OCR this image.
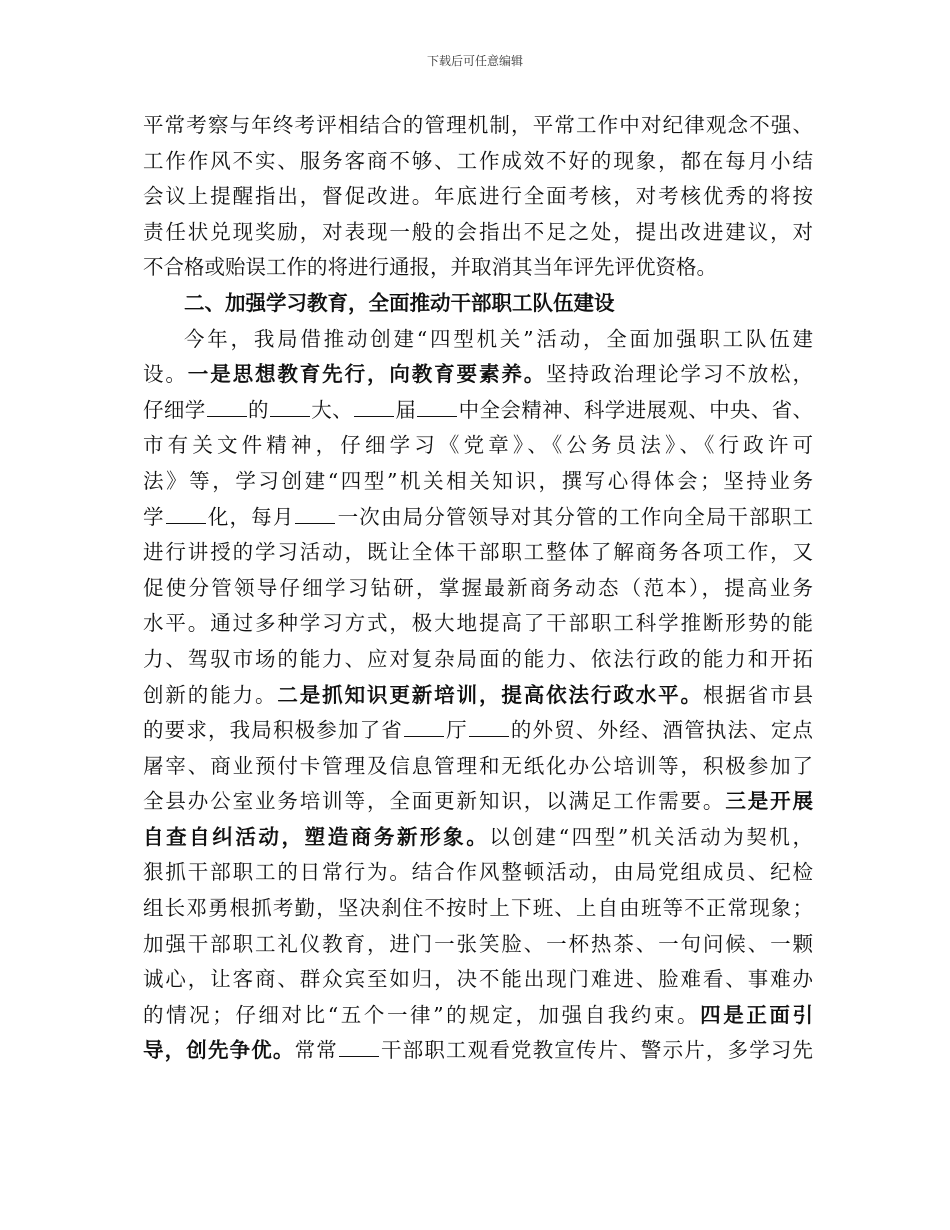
下载后可任意编辑
平常考察与年终考评相结合的管理机制，平常工作中对纪律观念不强、
工作作风不实、服务客商不够、工作成效不好的现象，都在每月小结
会议上提醒指出，督促改进。年底进行全面考核，对考核优秀的将按
责任状兑现奖励，对表现一般的会指出不足之处，提出改进建议，对
不合格或贻误工作的将进行通报，并取消其当年评先评优资格。
二、加强学习教育，全面推动干部职工队伍建设
今年，我局借推动创建“四型机关”活动，全面加强职工队伍建
设。一是思想教育先行，向教育要素养。坚持政治理论学习不放松，
仔细学 的 大、 届 中全会精神、科学进展观、中央、省、
市有关文件精神，仔细学习《党章》、《公务员法》、《行政许可
法》等，学习创建“四型”机关相关知识，撰写心得体会；坚持业务
学 化，每月 一次由局分管领导对其分管的工作向全局干部职工
进行讲授的学习活动，既让全体干部职工整体了解商务各项工作，又
促使分管领导仔细学习钻研，掌握最新商务动态（范本），提高业务
水平。通过多种学习方式，极大地提高了干部职工科学推断形势的能
力、驾驭市场的能力、应对复杂局面的能力、依法行政的能力和开拓
创新的能力。二是抓知识更新培训，提高依法行政水平。根据省市县
的要求，我局积极参加了省 厅 的外贸、外经、酒管执法、定点
屠宰、商业预付卡管理及信息管理和无纸化办公培训等，积极参加了
全县办公室业务培训等，全面更新知识，以满足工作需要。三是开展
自查自纠活动，塑造商务新形象。以创建“四型”机关活动为契机，
狠抓干部职工的日常行为。结合作风整顿活动，由局党组成员、纪检
组长邓勇根抓考勤，坚决刹住不按时上下班、上自由班等不正常现象；
加强干部职工礼仪教育，进门一张笑脸、一杯热茶、一句问候、一颗
诚心，让客商、群众宾至如归，决不能出现门难进、脸难看、事难办
的情况；仔细对比“五个一律”的规定，加强自我约束。四是正面引
导，创先争优。常常 干部职工观看党教宣传片、警示片，多学习先
